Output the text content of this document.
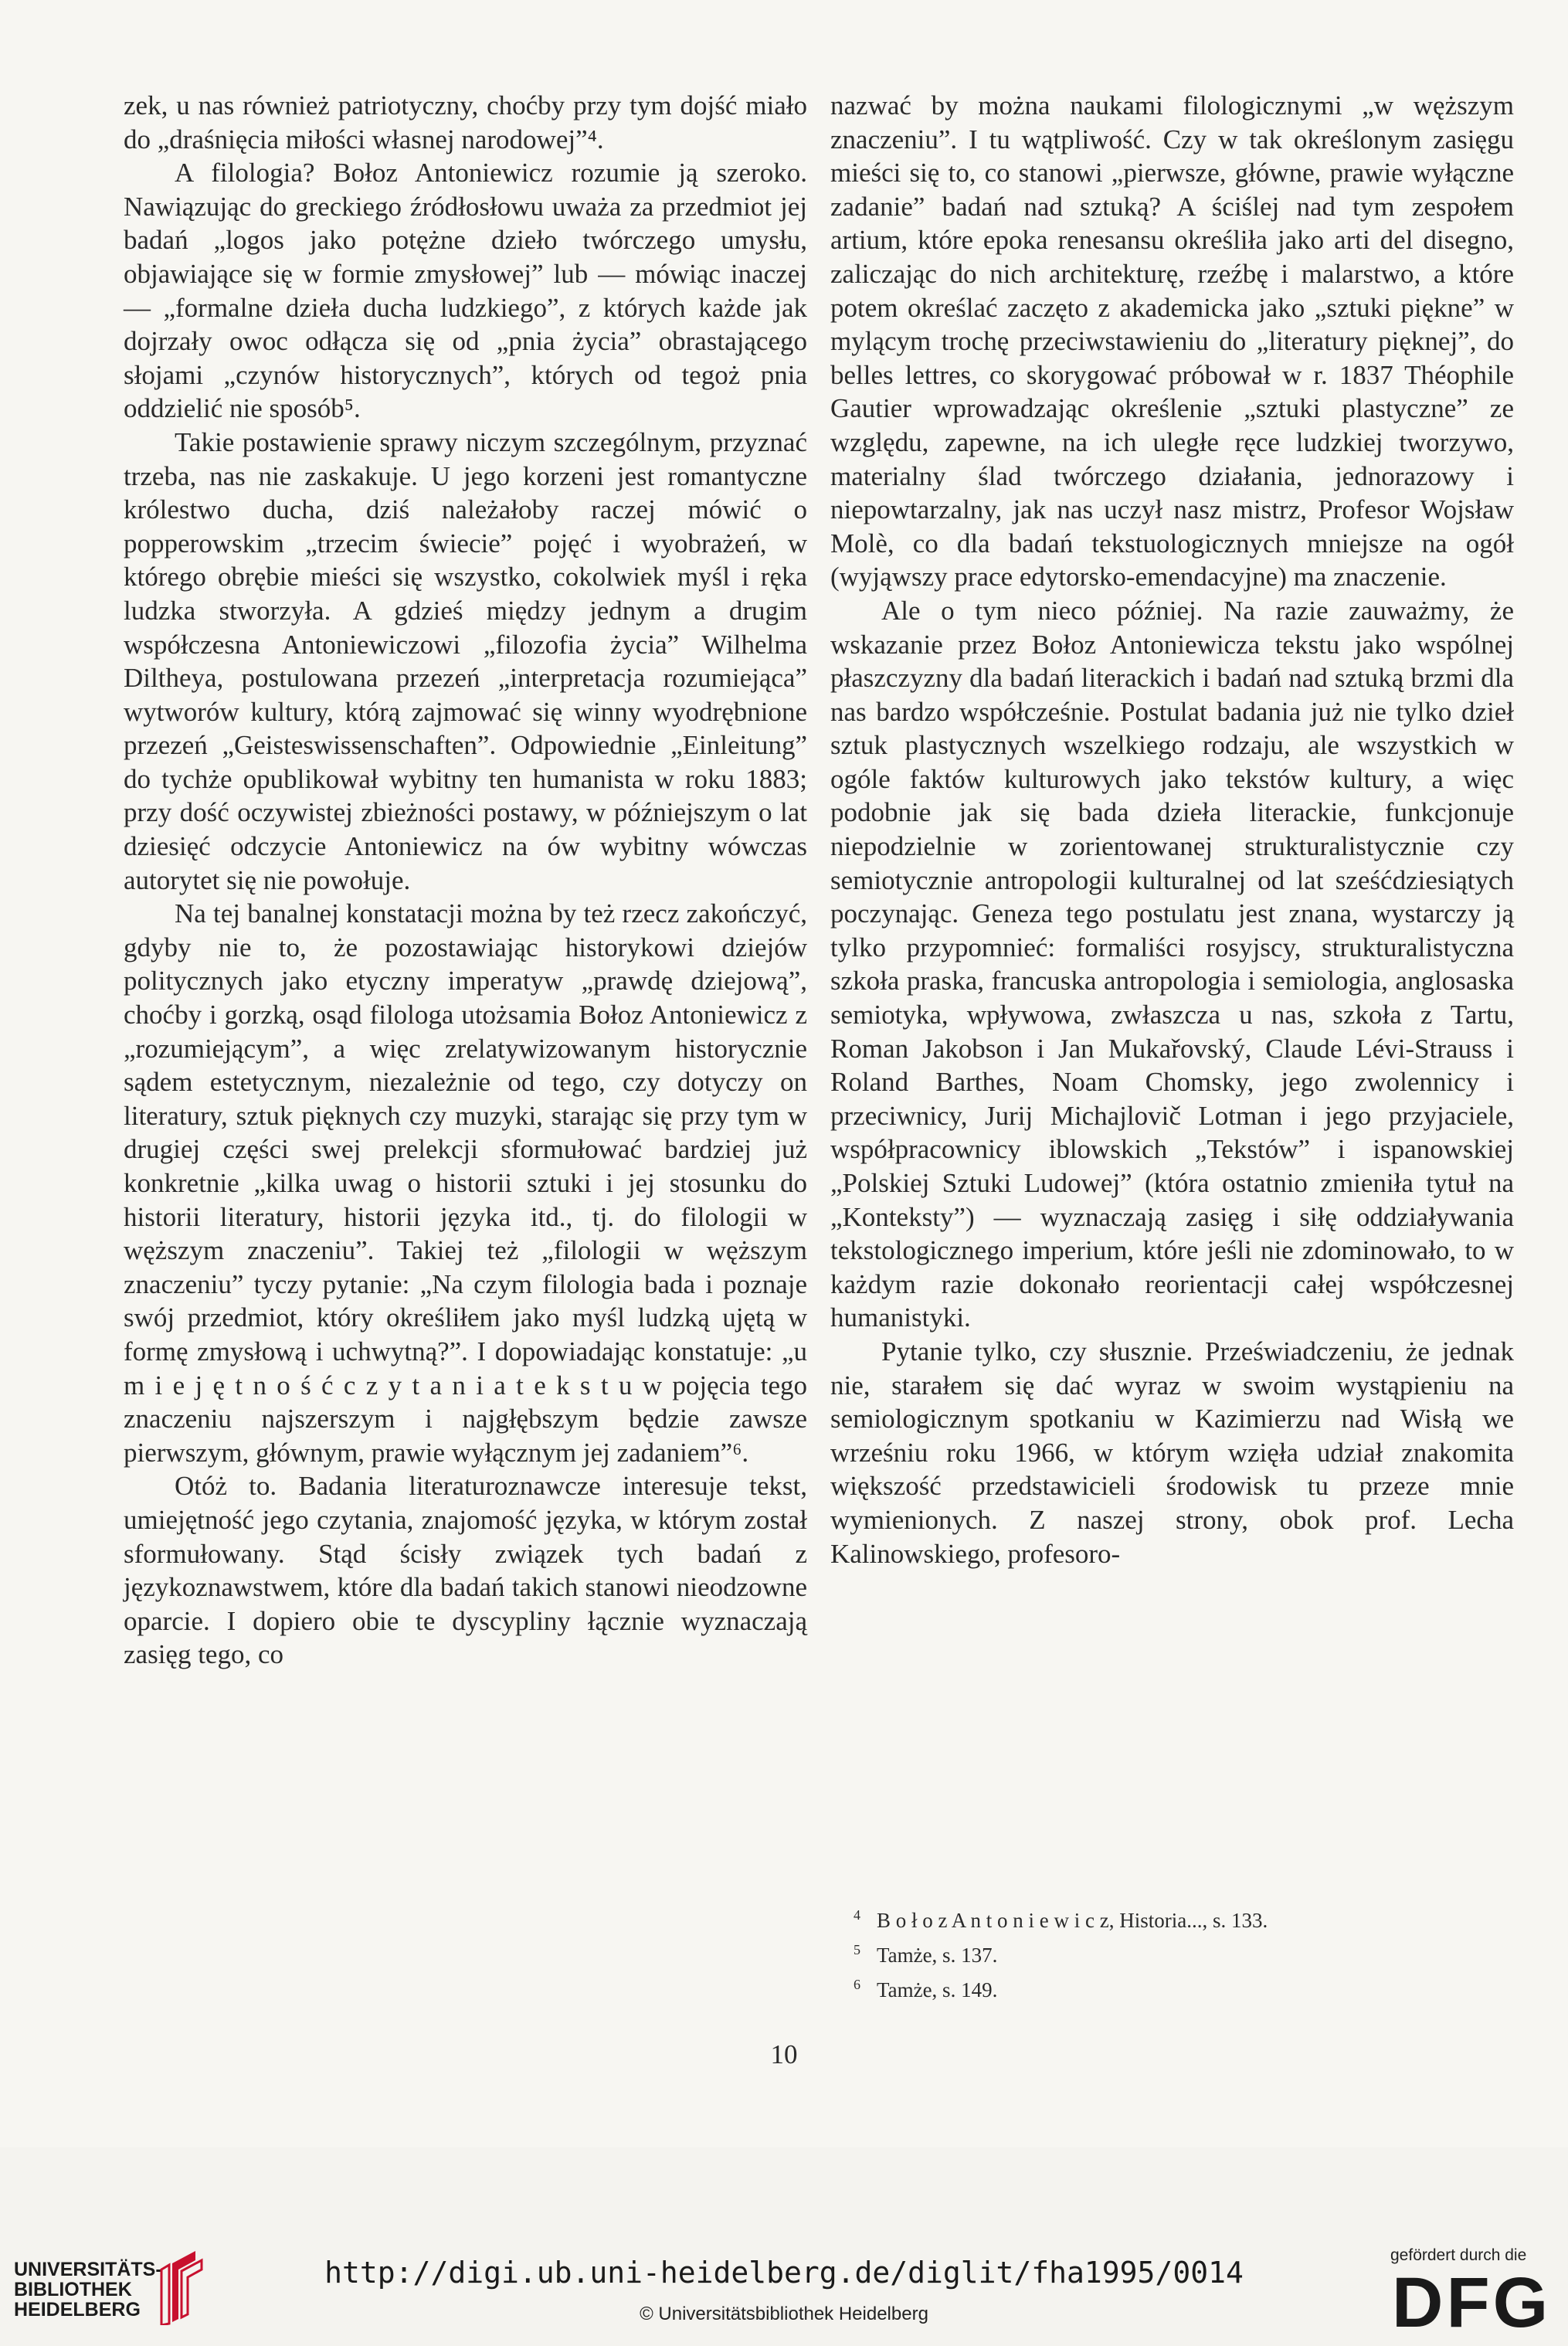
zek, u nas również patriotyczny, choćby przy tym dojść miało do „draśnięcia miłości własnej narodowej”⁴.

A filologia? Bołoz Antoniewicz rozumie ją szeroko. Nawiązując do greckiego źródłosłowu uważa za przedmiot jej badań „logos jako potężne dzieło twórczego umysłu, objawiające się w formie zmysłowej” lub — mówiąc inaczej — „formalne dzieła ducha ludzkiego”, z których każde jak dojrzały owoc odłącza się od „pnia życia” obrastającego słojami „czynów historycznych”, których od tegoż pnia oddzielić nie sposób⁵.

Takie postawienie sprawy niczym szczególnym, przyznać trzeba, nas nie zaskakuje. U jego korzeni jest romantyczne królestwo ducha, dziś należałoby raczej mówić o popperowskim „trzecim świecie” pojęć i wyobrażeń, w którego obrębie mieści się wszystko, cokolwiek myśl i ręka ludzka stworzyła. A gdzieś między jednym a drugim współczesna Antoniewiczowi „filozofia życia” Wilhelma Diltheya, postulowana przezeń „interpretacja rozumiejąca” wytworów kultury, którą zajmować się winny wyodrębnione przezeń „Geisteswissenschaften”. Odpowiednie „Einleitung” do tychże opublikował wybitny ten humanista w roku 1883; przy dość oczywistej zbieżności postawy, w późniejszym o lat dziesięć odczycie Antoniewicz na ów wybitny wówczas autorytet się nie powołuje.

Na tej banalnej konstatacji można by też rzecz zakończyć, gdyby nie to, że pozostawiając historykowi dziejów politycznych jako etyczny imperatyw „prawdę dziejową”, choćby i gorzką, osąd filologa utożsamia Bołoz Antoniewicz z „rozumiejącym”, a więc zrelatywizowanym historycznie sądem estetycznym, niezależnie od tego, czy dotyczy on literatury, sztuk pięknych czy muzyki, starając się przy tym w drugiej części swej prelekcji sformułować bardziej już konkretnie „kilka uwag o historii sztuki i jej stosunku do historii literatury, historii języka itd., tj. do filologii w węższym znaczeniu”. Takiej też „filologii w węższym znaczeniu” tyczy pytanie: „Na czym filologia bada i poznaje swój przedmiot, który określiłem jako myśl ludzką ujętą w formę zmysłową i uchwytną?”. I dopowiadając konstatuje: „u m i e j ę t n o ś ć c z y t a n i a t e k s t u w pojęcia tego znaczeniu najszerszym i najgłębszym będzie zawsze pierwszym, głównym, prawie wyłącznym jej zadaniem”⁶.

Otóż to. Badania literaturoznawcze interesuje tekst, umiejętność jego czytania, znajomość języka, w którym został sformułowany. Stąd ścisły związek tych badań z językoznawstwem, które dla badań takich stanowi nieodzowne oparcie. I dopiero obie te dyscypliny łącznie wyznaczają zasięg tego, co

nazwać by można naukami filologicznymi „w węższym znaczeniu”. I tu wątpliwość. Czy w tak określonym zasięgu mieści się to, co stanowi „pierwsze, główne, prawie wyłączne zadanie” badań nad sztuką? A ściślej nad tym zespołem artium, które epoka renesansu określiła jako arti del disegno, zaliczając do nich architekturę, rzeźbę i malarstwo, a które potem określać zaczęto z akademicka jako „sztuki piękne” w mylącym trochę przeciwstawieniu do „literatury pięknej”, do belles lettres, co skorygować próbował w r. 1837 Théophile Gautier wprowadzając określenie „sztuki plastyczne” ze względu, zapewne, na ich uległe ręce ludzkiej tworzywo, materialny ślad twórczego działania, jednorazowy i niepowtarzalny, jak nas uczył nasz mistrz, Profesor Wojsław Molè, co dla badań tekstuologicznych mniejsze na ogół (wyjąwszy prace edytorsko-emendacyjne) ma znaczenie.

Ale o tym nieco później. Na razie zauważmy, że wskazanie przez Bołoz Antoniewicza tekstu jako wspólnej płaszczyzny dla badań literackich i badań nad sztuką brzmi dla nas bardzo współcześnie. Postulat badania już nie tylko dzieł sztuk plastycznych wszelkiego rodzaju, ale wszystkich w ogóle faktów kulturowych jako tekstów kultury, a więc podobnie jak się bada dzieła literackie, funkcjonuje niepodzielnie w zorientowanej strukturalistycznie czy semiotycznie antropologii kulturalnej od lat sześćdziesiątych poczynając. Geneza tego postulatu jest znana, wystarczy ją tylko przypomnieć: formaliści rosyjscy, strukturalistyczna szkoła praska, francuska antropologia i semiologia, anglosaska semiotyka, wpływowa, zwłaszcza u nas, szkoła z Tartu, Roman Jakobson i Jan Mukařovský, Claude Lévi-Strauss i Roland Barthes, Noam Chomsky, jego zwolennicy i przeciwnicy, Jurij Michajlovič Lotman i jego przyjaciele, współpracownicy iblowskich „Tekstów” i ispanowskiej „Polskiej Sztuki Ludowej” (która ostatnio zmieniła tytuł na „Konteksty”) — wyznaczają zasięg i siłę oddziaływania tekstologicznego imperium, które jeśli nie zdominowało, to w każdym razie dokonało reorientacji całej współczesnej humanistyki.

Pytanie tylko, czy słusznie. Przeświadczeniu, że jednak nie, starałem się dać wyraz w swoim wystąpieniu na semiologicznym spotkaniu w Kazimierzu nad Wisłą we wrześniu roku 1966, w którym wzięła udział znakomita większość przedstawicieli środowisk tu przeze mnie wymienionych. Z naszej strony, obok prof. Lecha Kalinowskiego, profesoro-

4 B o ł o z A n t o n i e w i c z, Historia..., s. 133.
5 Tamże, s. 137.
6 Tamże, s. 149.
10
UNIVERSITÄTS-
BIBLIOTHEK
HEIDELBERG
http://digi.ub.uni-heidelberg.de/diglit/fha1995/0014
© Universitätsbibliothek Heidelberg
gefördert durch die
DFG
